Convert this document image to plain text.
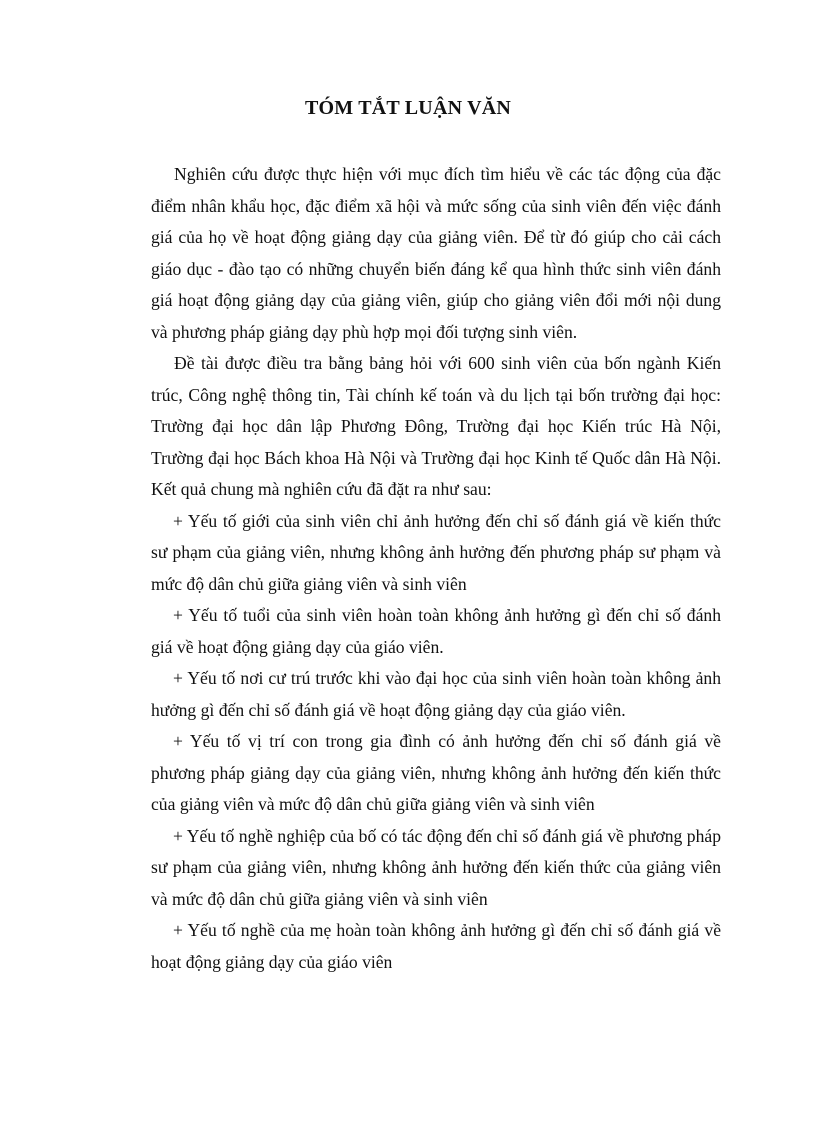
TÓM TẮT LUẬN VĂN

Nghiên cứu được thực hiện với mục đích tìm hiểu về các tác động của đặc điểm nhân khẩu học, đặc điểm xã hội và mức sống của sinh viên đến việc đánh giá của họ về hoạt động giảng dạy của giảng viên. Để từ đó giúp cho cải cách giáo dục - đào tạo có những chuyển biến đáng kể qua hình thức sinh viên đánh giá hoạt động giảng dạy của giảng viên, giúp cho giảng viên đổi mới nội dung và phương pháp giảng dạy phù hợp mọi đối tượng sinh viên.

Đề tài được điều tra bằng bảng hỏi với 600 sinh viên của bốn ngành Kiến trúc, Công nghệ thông tin, Tài chính kế toán và du lịch tại bốn trường đại học: Trường đại học dân lập Phương Đông, Trường đại học Kiến trúc Hà Nội, Trường đại học Bách khoa Hà Nội và Trường đại học Kinh tế Quốc dân Hà Nội. Kết quả chung mà nghiên cứu đã đặt ra như sau:

+ Yếu tố giới của sinh viên chỉ ảnh hưởng đến chỉ số đánh giá về kiến thức sư phạm của giảng viên, nhưng không ảnh hưởng đến phương pháp sư phạm và mức độ dân chủ giữa giảng viên và sinh viên

+ Yếu tố tuổi của sinh viên hoàn toàn không ảnh hưởng gì đến chỉ số đánh giá về hoạt động giảng dạy của giáo viên.

+ Yếu tố nơi cư trú trước khi vào đại học của sinh viên hoàn toàn không ảnh hưởng gì đến chỉ số đánh giá về hoạt động giảng dạy của giáo viên.

+ Yếu tố vị trí con trong gia đình có ảnh hưởng đến chỉ số đánh giá về phương pháp giảng dạy của giảng viên, nhưng không ảnh hưởng đến kiến thức của giảng viên và mức độ dân chủ giữa giảng viên và sinh viên

+ Yếu tố nghề nghiệp của bố có tác động đến chỉ số đánh giá về phương pháp sư phạm của giảng viên, nhưng không ảnh hưởng đến kiến thức của giảng viên và mức độ dân chủ giữa giảng viên và sinh viên

+ Yếu tố nghề của mẹ hoàn toàn không ảnh hưởng gì đến chỉ số đánh giá về hoạt động giảng dạy của giáo viên
